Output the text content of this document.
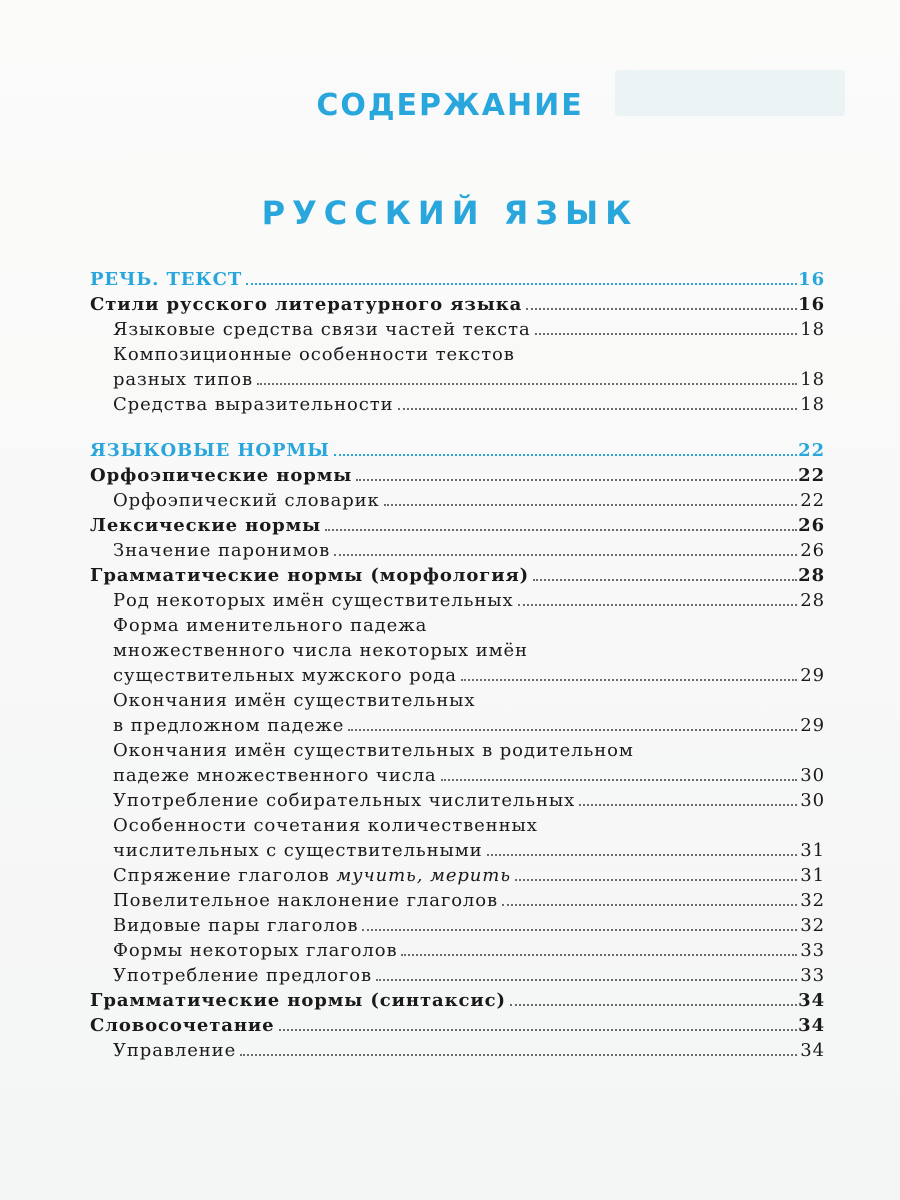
СОДЕРЖАНИЕ
РУССКИЙ ЯЗЫК
РЕЧЬ. ТЕКСТ	16
Стили русского литературного языка	16
Языковые средства связи частей текста	18
Композиционные особенности текстов
разных типов	18
Средства выразительности	18
ЯЗЫКОВЫЕ НОРМЫ	22
Орфоэпические нормы	22
Орфоэпический словарик	22
Лексические нормы	26
Значение паронимов	26
Грамматические нормы (морфология)	28
Род некоторых имён существительных	28
Форма именительного падежа
множественного числа некоторых имён
существительных мужского рода	29
Окончания имён существительных
в предложном падеже	29
Окончания имён существительных в родительном
падеже множественного числа	30
Употребление собирательных числительных	30
Особенности сочетания количественных
числительных с существительными	31
Спряжение глаголов
мучить, мерить	31
Повелительное наклонение глаголов	32
Видовые пары глаголов	32
Формы некоторых глаголов	33
Употребление предлогов	33
Грамматические нормы (синтаксис)	34
Словосочетание	34
Управление	34
